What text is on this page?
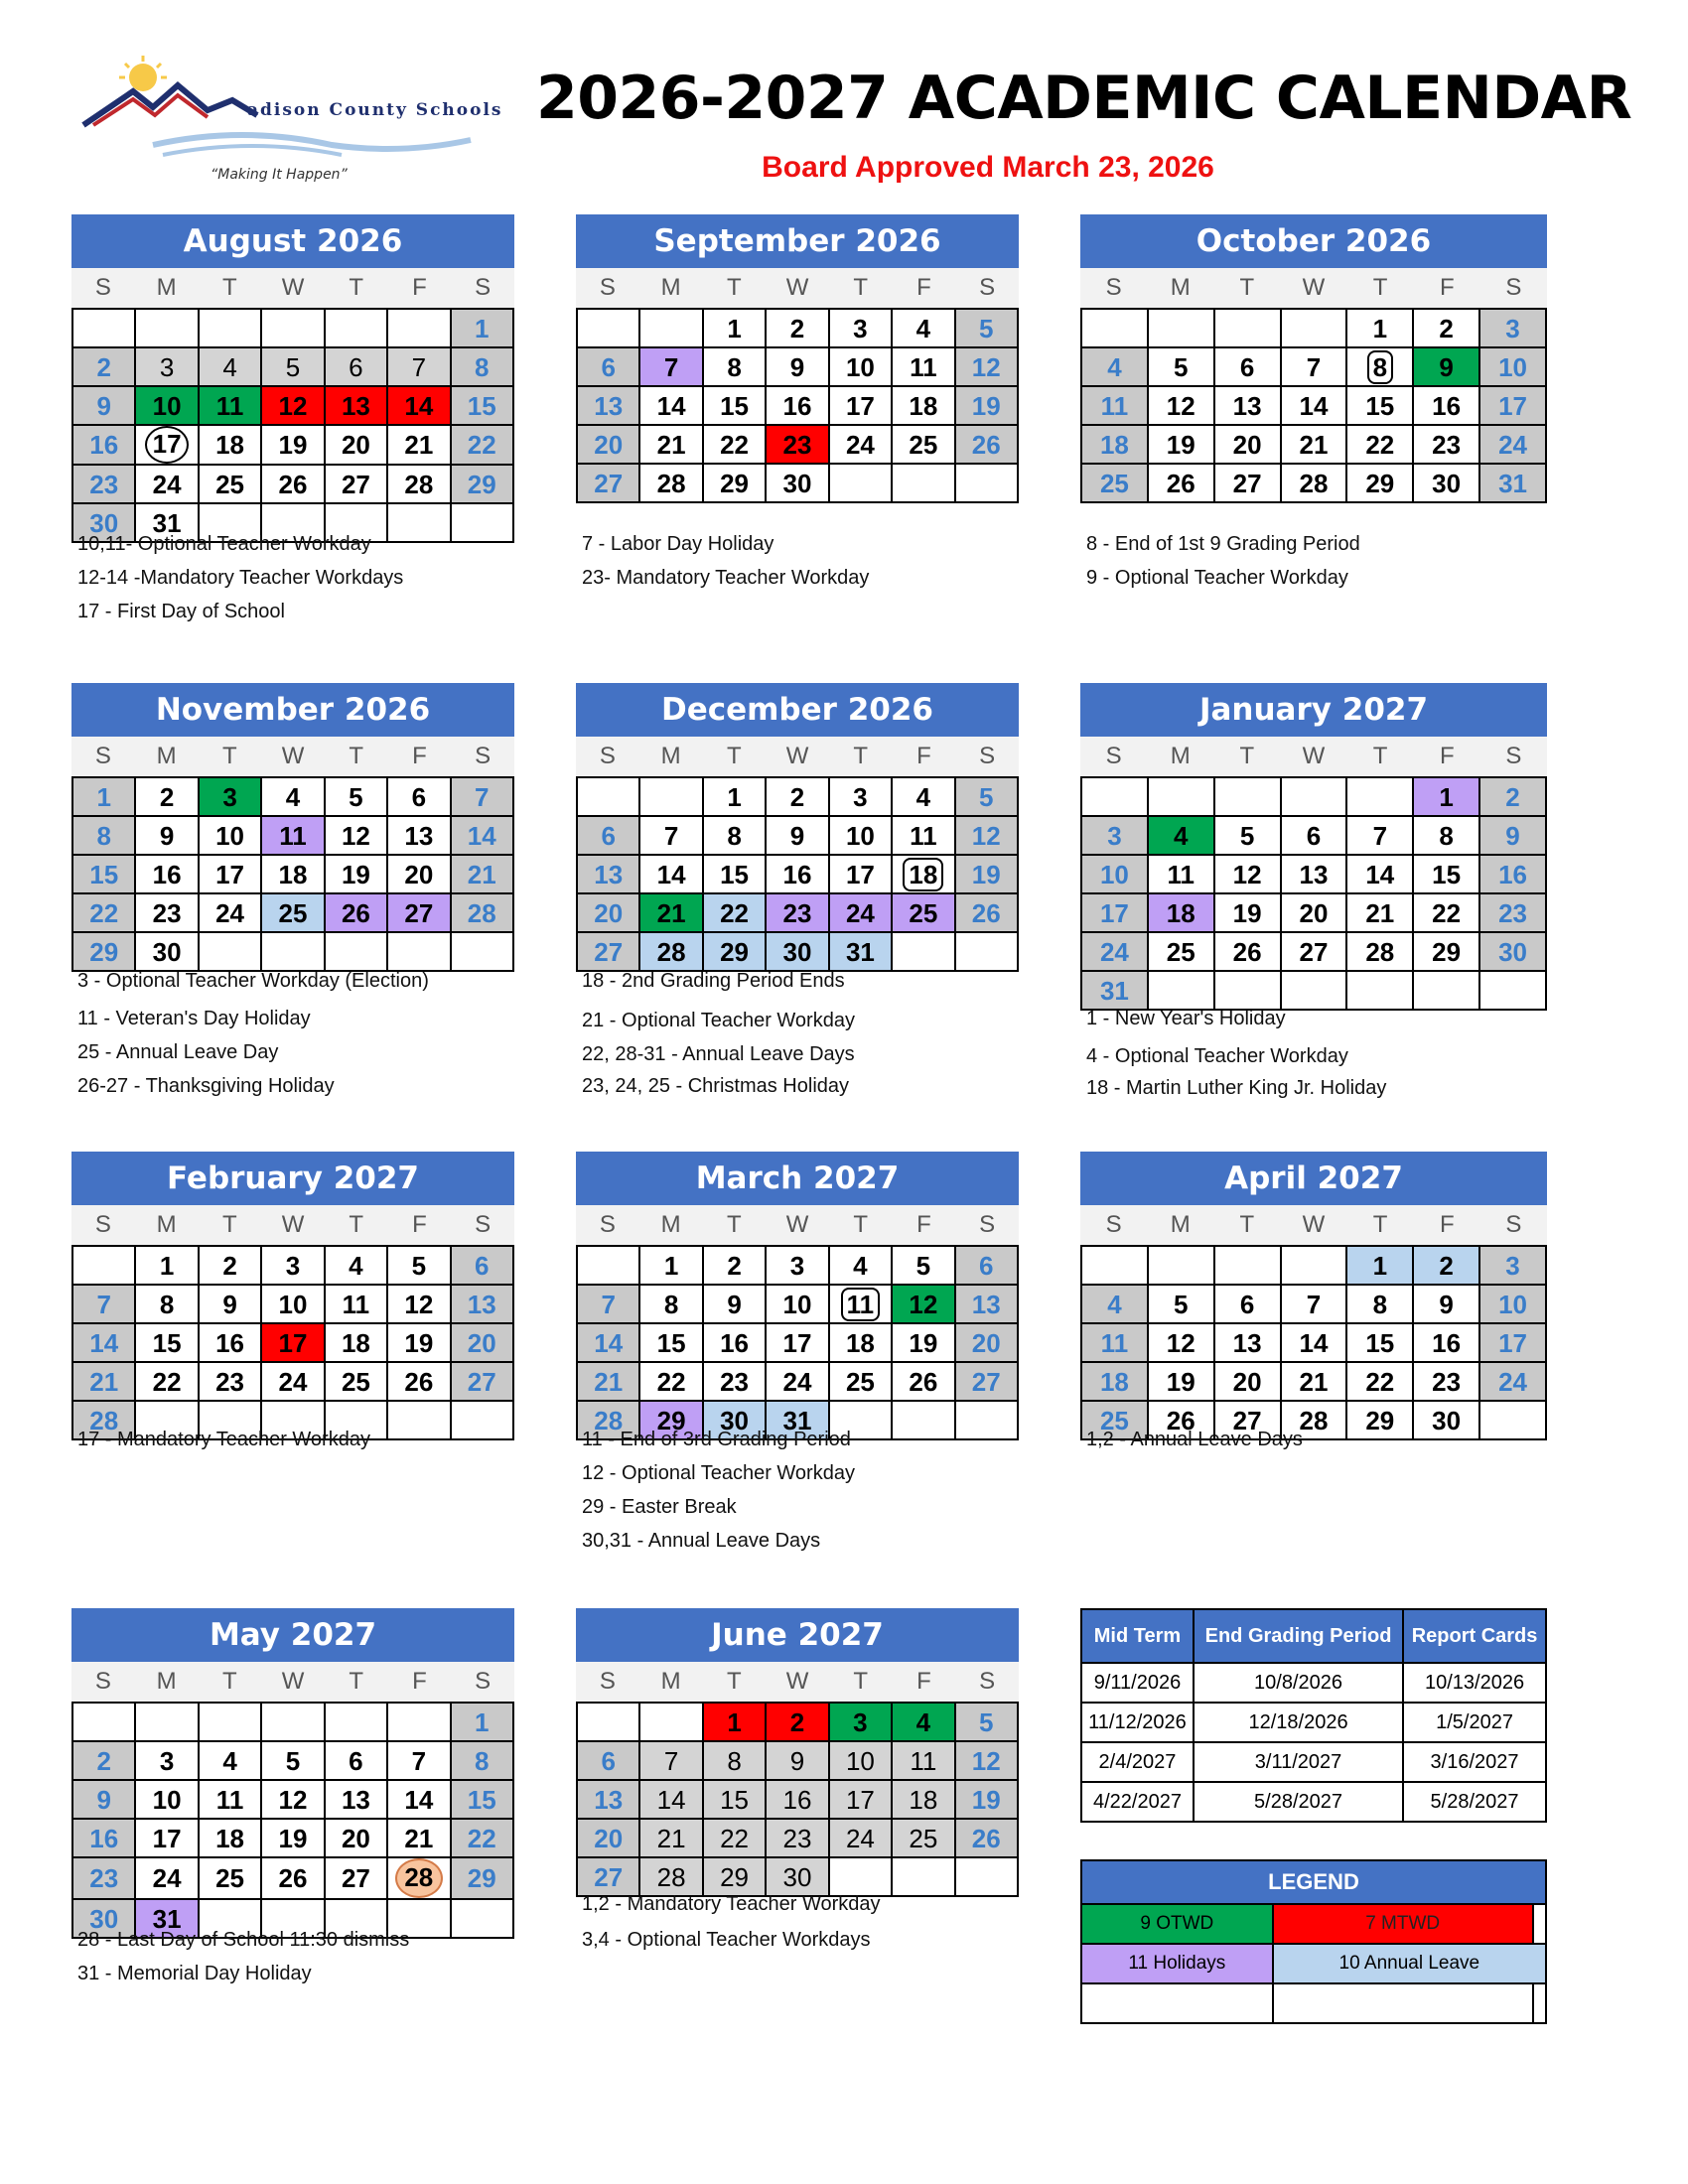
adison County Schools
“Making It Happen”
2026-2027 ACADEMIC CALENDAR
Board Approved March 23, 2026
August 2026
S	M	T	W	T	F	S
						1
2	3	4	5	6	7	8
9	10	11	12	13	14	15
16	17	18	19	20	21	22
23	24	25	26	27	28	29
30	31					
September 2026
S	M	T	W	T	F	S
		1	2	3	4	5
6	7	8	9	10	11	12
13	14	15	16	17	18	19
20	21	22	23	24	25	26
27	28	29	30			
October 2026
S	M	T	W	T	F	S
				1	2	3
4	5	6	7	8	9	10
11	12	13	14	15	16	17
18	19	20	21	22	23	24
25	26	27	28	29	30	31
November 2026
S	M	T	W	T	F	S
1	2	3	4	5	6	7
8	9	10	11	12	13	14
15	16	17	18	19	20	21
22	23	24	25	26	27	28
29	30					
December 2026
S	M	T	W	T	F	S
		1	2	3	4	5
6	7	8	9	10	11	12
13	14	15	16	17	18	19
20	21	22	23	24	25	26
27	28	29	30	31		
January 2027
S	M	T	W	T	F	S
					1	2
3	4	5	6	7	8	9
10	11	12	13	14	15	16
17	18	19	20	21	22	23
24	25	26	27	28	29	30
31						
February 2027
S	M	T	W	T	F	S
	1	2	3	4	5	6
7	8	9	10	11	12	13
14	15	16	17	18	19	20
21	22	23	24	25	26	27
28						
March 2027
S	M	T	W	T	F	S
	1	2	3	4	5	6
7	8	9	10	11	12	13
14	15	16	17	18	19	20
21	22	23	24	25	26	27
28	29	30	31			
April 2027
S	M	T	W	T	F	S
				1	2	3
4	5	6	7	8	9	10
11	12	13	14	15	16	17
18	19	20	21	22	23	24
25	26	27	28	29	30	
May 2027
S	M	T	W	T	F	S
						1
2	3	4	5	6	7	8
9	10	11	12	13	14	15
16	17	18	19	20	21	22
23	24	25	26	27	28	29
30	31					
June 2027
S	M	T	W	T	F	S
		1	2	3	4	5
6	7	8	9	10	11	12
13	14	15	16	17	18	19
20	21	22	23	24	25	26
27	28	29	30			
10,11- Optional Teacher Workday
12-14 -Mandatory Teacher Workdays
17 - First Day of School
7 - Labor Day Holiday
23- Mandatory Teacher Workday
8 - End of 1st 9 Grading Period
9 - Optional Teacher Workday
3 - Optional Teacher Workday (Election)
11 - Veteran's Day Holiday
25 - Annual Leave Day
26-27 - Thanksgiving Holiday
18 - 2nd Grading Period Ends
21 - Optional Teacher Workday
22, 28-31 - Annual Leave Days
23, 24, 25 - Christmas Holiday
1 - New Year's Holiday
4 - Optional Teacher Workday
18 - Martin Luther King Jr. Holiday
17 - Mandatory Teacher Workday	11 - End of 3rd Grading Period
12 - Optional Teacher Workday
29 - Easter Break
30,31 - Annual Leave Days
1,2 - Annual Leave Days
28 - Last Day of School 11:30 dismiss
31 - Memorial Day Holiday
1,2 - Mandatory Teacher Workday
3,4 - Optional Teacher Workdays
Mid Term	End Grading Period	Report Cards
9/11/2026	10/8/2026	10/13/2026
11/12/2026	12/18/2026	1/5/2027
2/4/2027	3/11/2027	3/16/2027
4/22/2027	5/28/2027	5/28/2027
LEGEND		
9 OTWD	7 MTWD	
11 Holidays	10 Annual Leave	
